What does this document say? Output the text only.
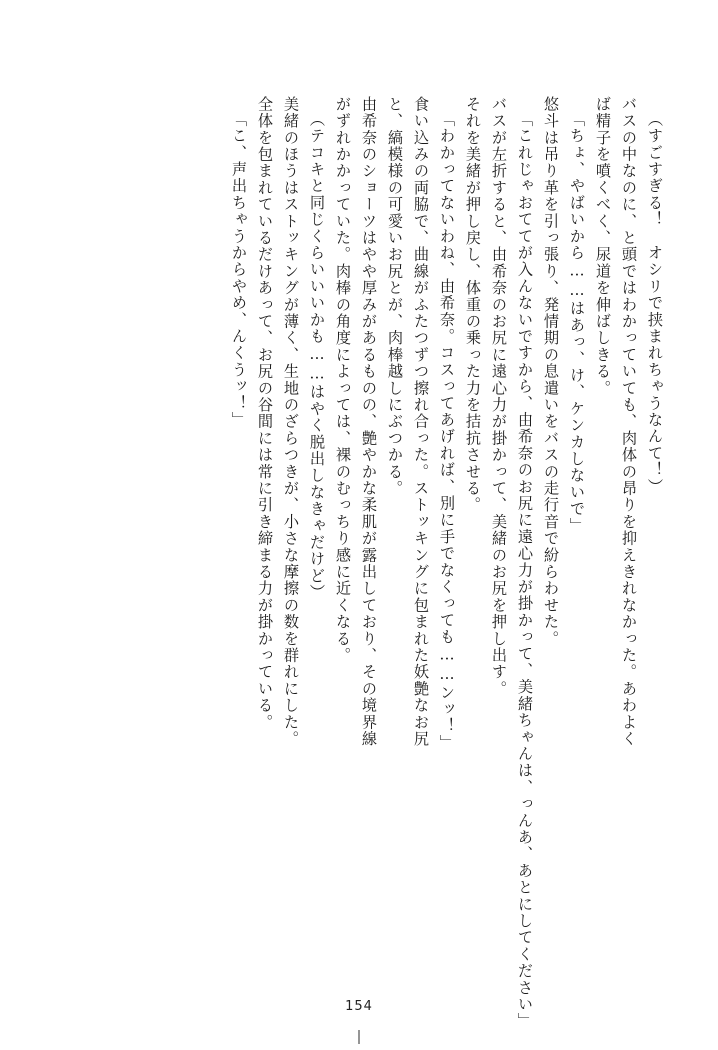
（すごすぎる！　オシリで挟まれちゃうなんて！）
バスの中なのに、と頭ではわかっていても、肉体の昂りを抑えきれなかった。あわよく
ば精子を噴くべく、尿道を伸ばしきる。
「ちょ、やばいから……はあっ、け、ケンカしないで」
悠斗は吊り革を引っ張り、発情期の息遣いをバスの走行音で紛らわせた。
「これじゃおててが入んないですから、由希奈のお尻に遠心力が掛かって、美緒ちゃんは、っんあ、あとにしてください」
バスが左折すると、由希奈のお尻に遠心力が掛かって、美緒のお尻を押し出す。
それを美緒が押し戻し、体重の乗った力を拮抗させる。
「わかってないわね、由希奈。コスってあげれば、別に手でなくっても……ンッ！」
食い込みの両脇で、曲線がふたつずつ擦れ合った。ストッキングに包まれた妖艶なお尻
と、縞模様の可愛いお尻とが、肉棒越しにぶつかる。
由希奈のショーツはやや厚みがあるものの、艶やかな柔肌が露出しており、その境界線
がずれかかっていた。肉棒の角度によっては、裸のむっちり感に近くなる。
（テコキと同じくらいいいかも……はやく脱出しなきゃだけど）
美緒のほうはストッキングが薄く、生地のざらつきが、小さな摩擦の数を群れにした。
全体を包まれているだけあって、お尻の谷間には常に引き締まる力が掛かっている。
「こ、声出ちゃうからやめ、んくうッ！」
154
